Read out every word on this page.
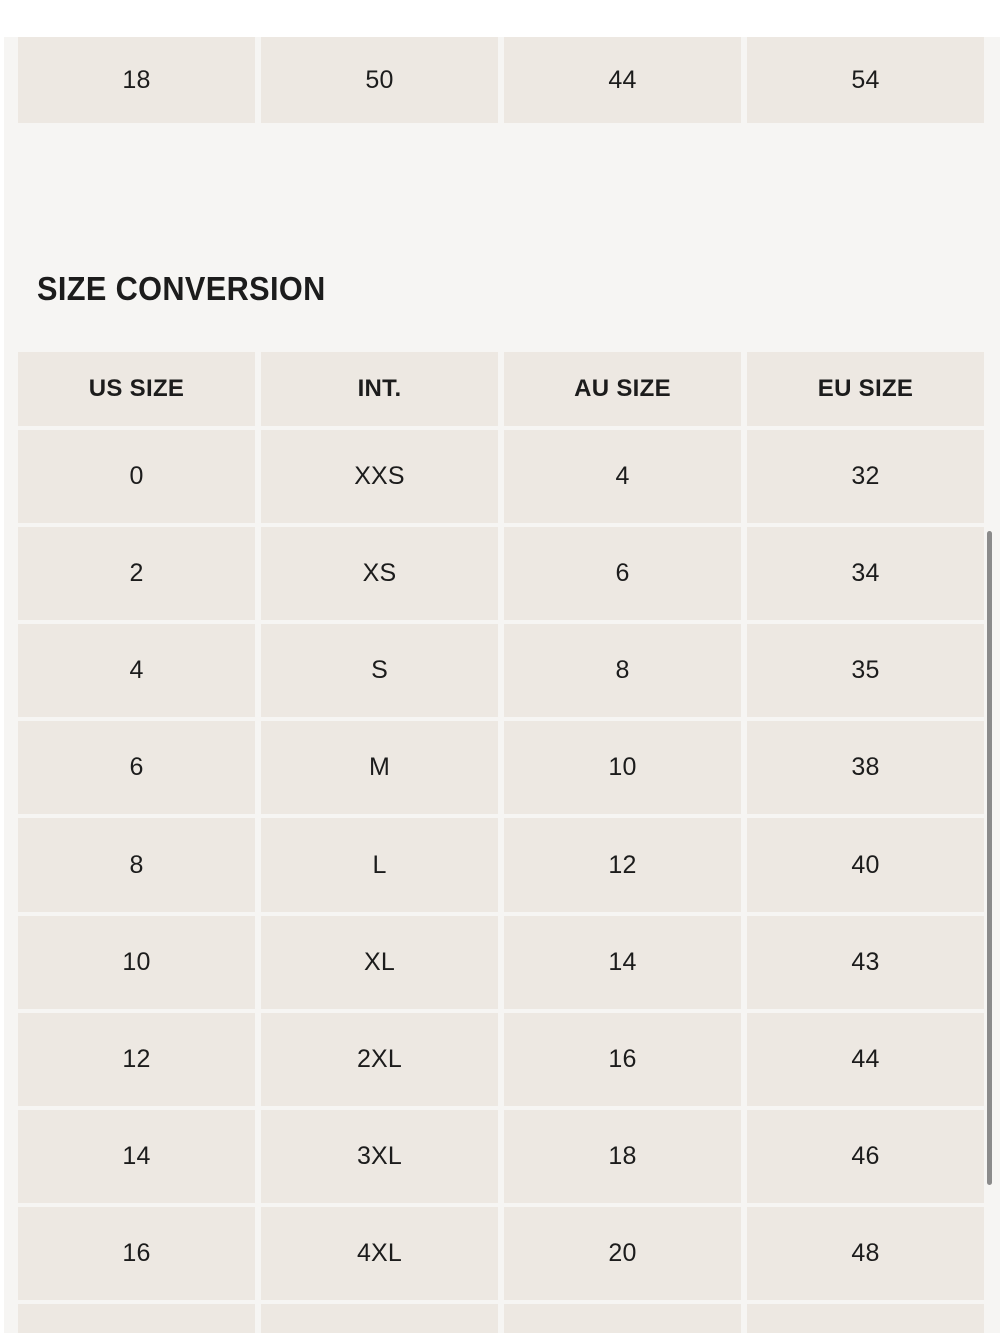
18	50	44	54
SIZE CONVERSION
US SIZE	INT.	AU SIZE	EU SIZE
0	XXS	4	32
2	XS	6	34
4	S	8	35
6	M	10	38
8	L	12	40
10	XL	14	43
12	2XL	16	44
14	3XL	18	46
16	4XL	20	48
